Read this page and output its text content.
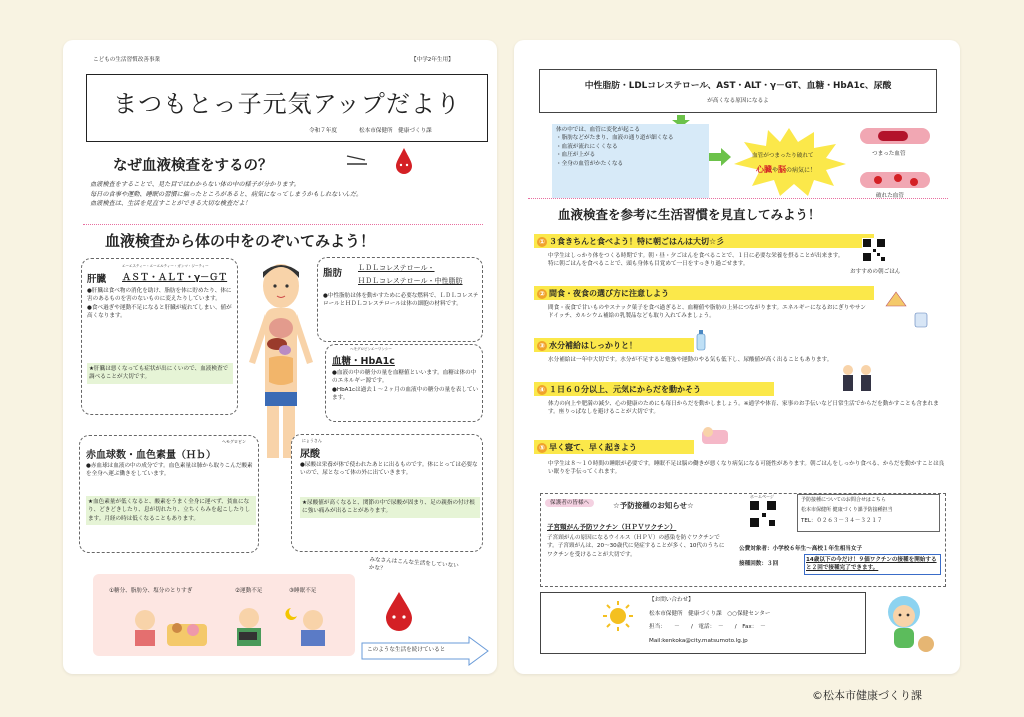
こどもの生活習慣改善事業	【中学2年生用】
まつもとっ子元気アップだより
令和７年度	松本市保健所　健康づくり課
なぜ血液検査をするの？
血液検査をすることで、見た目ではわからない体の中の様子が分かります。
毎日の食事や運動、睡眠の習慣に偏ったところがあると、病気になってしまうかもしれないんだ。
血液検査は、生活を見直すことができる大切な検査だよ！
血液検査から体の中をのぞいてみよう！
肝臓
エーエスティー・エーエルティー・ガンマ・ジーティー
ＡＳＴ・ＡＬＴ・γ－ＧＴ
●肝臓は食べ物の消化を助け、脂肪を体に貯めたり、体に害のあるものを害のないものに変えたりしています。
●食べ過ぎや運動不足になると肝臓が疲れてしまい、値が高くなります。
★肝臓は悪くなっても症状が出にくいので、血液検査で調べることが大切です。
脂肪 ＬＤＬコレステロール・
ＨＤＬコレステロール・中性脂肪
●中性脂肪は体を動かすために必要な燃料で、ＬＤＬコレステロールとＨＤＬコレステロールは体の細胞の材料です。
ヘモグロビンエーワンシー
血糖・HbA1c
●血液の中の糖分の量を血糖値といいます。血糖は体の中のエネルギー源です。
●HbA1cは過去１～２ヶ月の血液中の糖分の量を表しています。
ヘモグロビン
赤血球数・血色素量（Ｈｂ）
●赤血球は血液の中の成分です。血色素量は肺から取りこんだ酸素を全身へ運ぶ働きをしています。
★血色素量が低くなると、酸素をうまく全身に運べず、貧血になり、どきどきしたり、息が切れたり、立ちくらみを起こしたりします。月経の時は低くなることもあります。
にょうさん
尿酸
●尿酸は栄養が体で使われたあとに出るものです。体にとっては必要ないので、尿となって体の外に出ていきます。
★尿酸値が高くなると、関節の中で尿酸が固まり、足の親指の付け根に強い痛みが出ることがあります。
①糖分、脂肪分、塩分のとりすぎ	②運動不足	③睡眠不足
みなさんはこんな生活をしていないかな？
このような生活を続けていると
中性脂肪・LDLコレステロール、AST・ALT・γ－GT、血糖・HbA1c、尿酸
が高くなる原因になるよ
体の中では、血管に変化が起こる
・脂肪などがたまり、血液の通り道が細くなる
・血液が流れにくくなる
・血圧が上がる
・全身の血管がかたくなる
血管がつまったり破れて
心臓や脳の病気に！
つまった血管
破れた血管
血液検査を参考に生活習慣を見直してみよう！
① ３食きちんと食べよう！特に朝ごはんは大切☆彡
中学生はしっかり体をつくる時期です。朝・昼・夕ごはんを食べることで、１日に必要な栄養を摂ることが出来ます。特に朝ごはんを食べることで、頭も身体も目覚めて一日をすっきり過ごせます。
② 間食・夜食の選び方に注意しよう
間食・夜食で甘いものやスナック菓子を食べ過ぎると、血糖値や脂肪の上昇につながります。エネルギーになるおにぎりやサンドイッチ、カルシウム補給の乳製品なども取り入れてみましょう。
③ 水分補給はしっかりと！
水分補給は一年中大切です。水分が不足すると勉強や運動のやる気も低下し、尿酸値が高く出ることもあります。
④ １日６０分以上、元気にからだを動かそう
体力の向上や肥満の減少、心の健康のためにも毎日からだを動かしましょう。※通学や体育、家事のお手伝いなど日常生活でからだを動かすことも含まれます。座りっぱなしを避けることが大切です。
⑤ 早く寝て、早く起きよう
中学生は８～１０時間の睡眠が必要です。睡眠不足は脳の働きが悪くなり病気になる可能性があります。朝ごはんをしっかり食べる、からだを動かすことは良い眠りを手伝ってくれます。
おすすめの朝ごはん
保護者の皆様へ	☆予防接種のお知らせ☆
子宮頸がん予防ワクチン（ＨＰＶワクチン）
子宮頸がんの原因になるウイルス（ＨＰＶ）の感染を防ぐワクチンです。子宮頸がんは、20～30歳代に発症することが多く、10代のうちにワクチンを受けることが大切です。
ホームページ
予防接種についてのお問合せはこちら
松本市保健所 健康づくり課予防接種担当
TEL：０２６３－３４－３２１７
公費対象者：小学校６年生～高校１年生相当女子
接種回数：３回
14歳以下の今だけ！９価ワクチンの接種を開始すると２回で接種完了できます。
【お問い合わせ】
松本市保健所　健康づくり課　○○保健センター
担当：　　－　　/　電話：　－　　/　Fax：　－
Mail:kenkoka@city.matsumoto.lg.jp
©松本市健康づくり課
